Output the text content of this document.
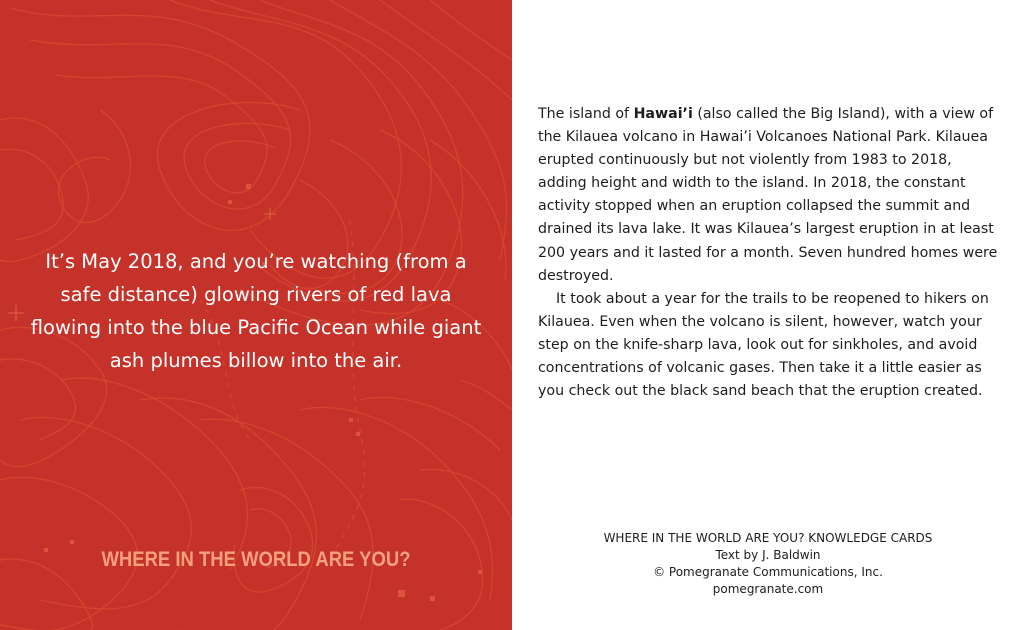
It’s May 2018, and you’re watching (from a safe distance) glowing rivers of red lava flowing into the blue Pacific Ocean while giant ash plumes billow into the air.

WHERE IN THE WORLD ARE YOU?

The island of Hawai’i (also called the Big Island), with a view of the Kilauea volcano in Hawai’i Volcanoes National Park. Kilauea erupted continuously but not violently from 1983 to 2018, adding height and width to the island. In 2018, the constant activity stopped when an eruption collapsed the summit and drained its lava lake. It was Kilauea’s largest eruption in at least 200 years and it lasted for a month. Seven hundred homes were destroyed.

It took about a year for the trails to be reopened to hikers on Kilauea. Even when the volcano is silent, however, watch your step on the knife-sharp lava, look out for sinkholes, and avoid concentrations of volcanic gases. Then take it a little easier as you check out the black sand beach that the eruption created.

WHERE IN THE WORLD ARE YOU? KNOWLEDGE CARDS
Text by J. Baldwin
© Pomegranate Communications, Inc.
pomegranate.com
